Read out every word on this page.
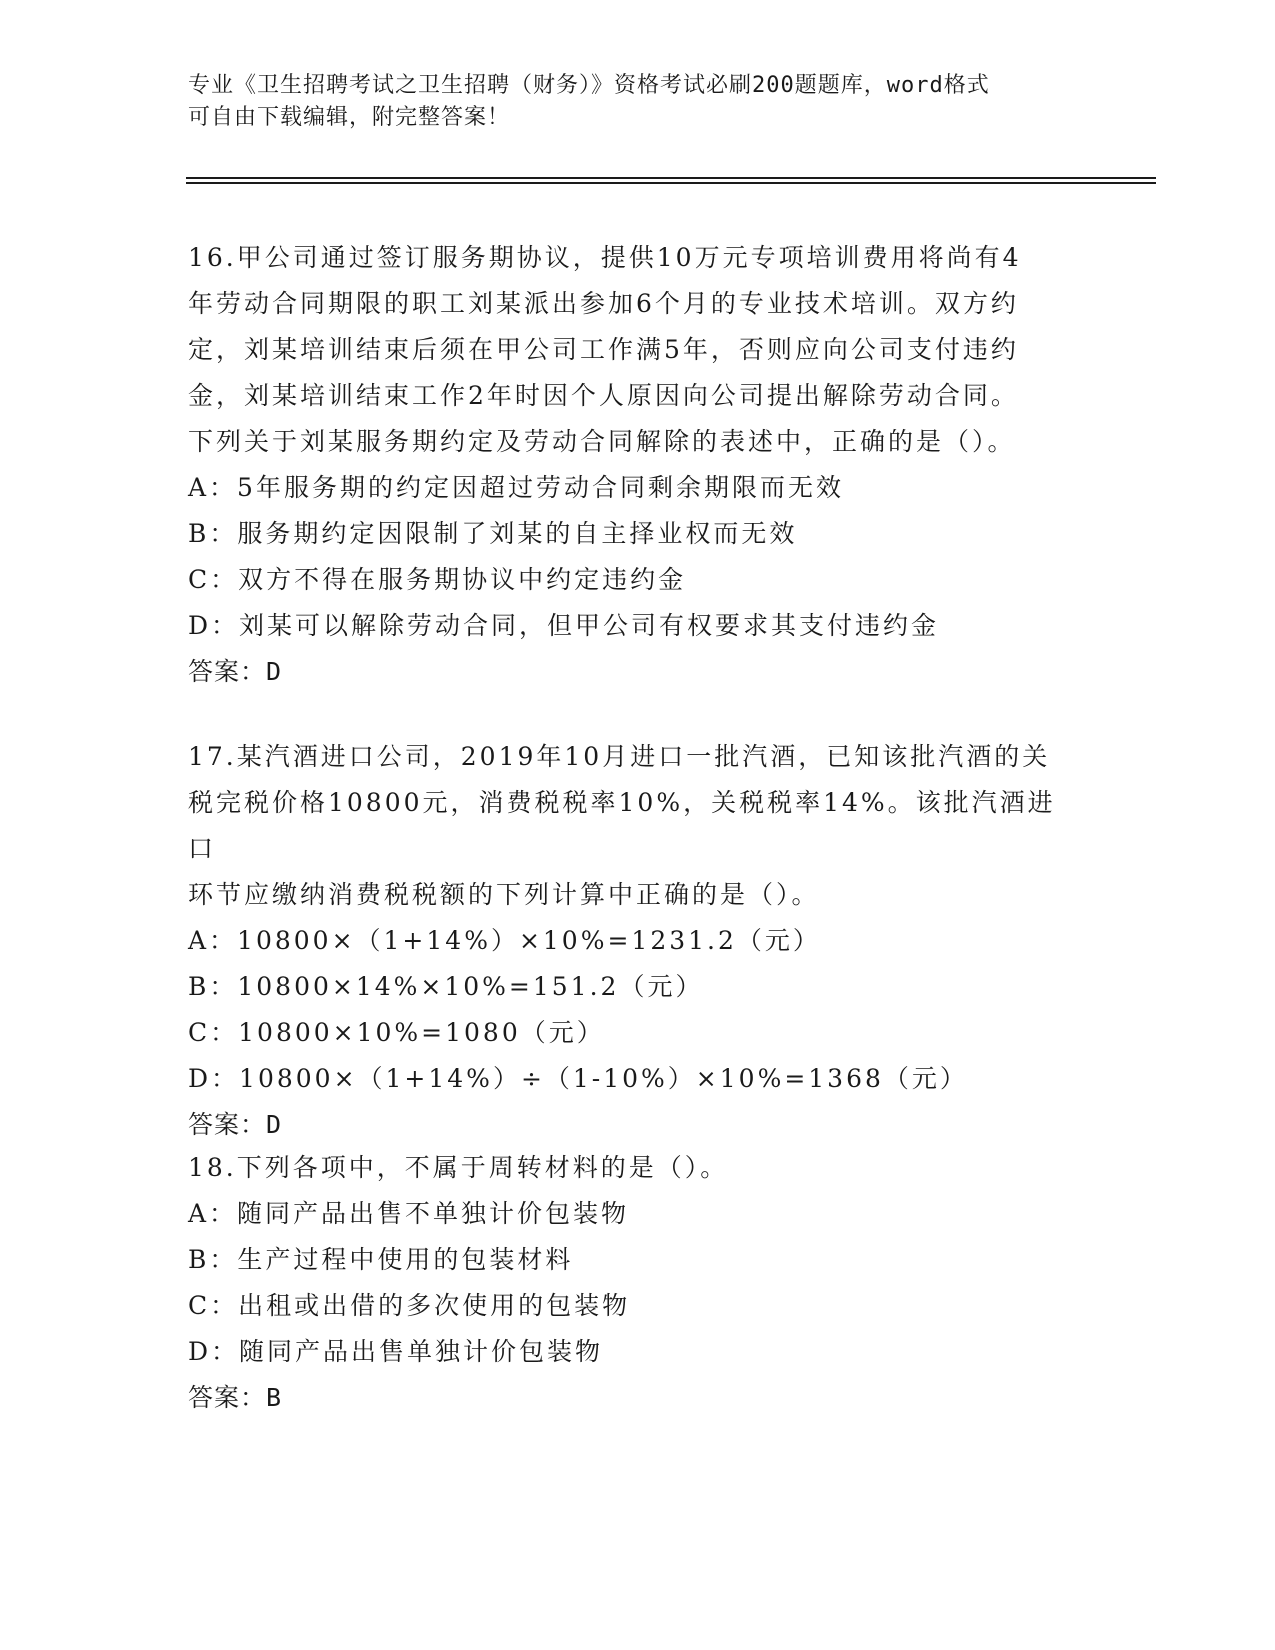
专业《卫生招聘考试之卫生招聘（财务）》资格考试必刷200题题库，word格式
可自由下载编辑，附完整答案！

16.甲公司通过签订服务期协议，提供10万元专项培训费用将尚有4

年劳动合同期限的职工刘某派出参加6个月的专业技术培训。双方约

定，刘某培训结束后须在甲公司工作满5年，否则应向公司支付违约

金，刘某培训结束工作2年时因个人原因向公司提出解除劳动合同。

下列关于刘某服务期约定及劳动合同解除的表述中，正确的是（）。

A：5年服务期的约定因超过劳动合同剩余期限而无效

B：服务期约定因限制了刘某的自主择业权而无效

C：双方不得在服务期协议中约定违约金

D：刘某可以解除劳动合同，但甲公司有权要求其支付违约金

答案：D

17.某汽酒进口公司，2019年10月进口一批汽酒，已知该批汽酒的关

税完税价格10800元，消费税税率10%，关税税率14%。该批汽酒进口

环节应缴纳消费税税额的下列计算中正确的是（）。

A：10800×（1+14%）×10%=1231.2（元）

B：10800×14%×10%=151.2（元）

C：10800×10%=1080（元）

D：10800×（1+14%）÷（1-10%）×10%=1368（元）

答案：D

18.下列各项中，不属于周转材料的是（）。

A：随同产品出售不单独计价包装物

B：生产过程中使用的包装材料

C：出租或出借的多次使用的包装物

D：随同产品出售单独计价包装物

答案：B
